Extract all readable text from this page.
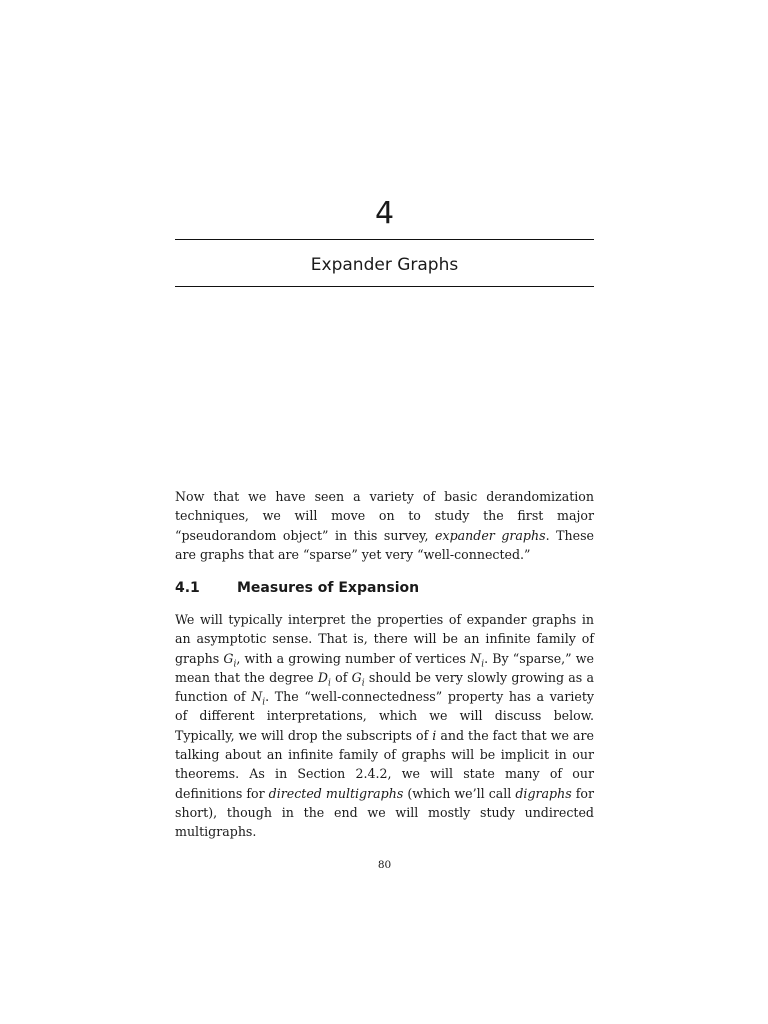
4
Expander Graphs

Now that we have seen a variety of basic derandomization techniques, we will move on to study the first major “pseudorandom object” in this survey, expander graphs. These are graphs that are “sparse” yet very “well-connected.”

4.1	Measures of Expansion

We will typically interpret the properties of expander graphs in an asymptotic sense. That is, there will be an infinite family of graphs $G_i$, with a growing number of vertices $N_i$. By “sparse,” we mean that the degree $D_i$ of $G_i$ should be very slowly growing as a function of $N_i$. The “well-connectedness” property has a variety of different interpretations, which we will discuss below. Typically, we will drop the subscripts of i and the fact that we are talking about an infinite family of graphs will be implicit in our theorems. As in Section 2.4.2, we will state many of our definitions for directed multigraphs (which we’ll call digraphs for short), though in the end we will mostly study undirected multigraphs.

80
